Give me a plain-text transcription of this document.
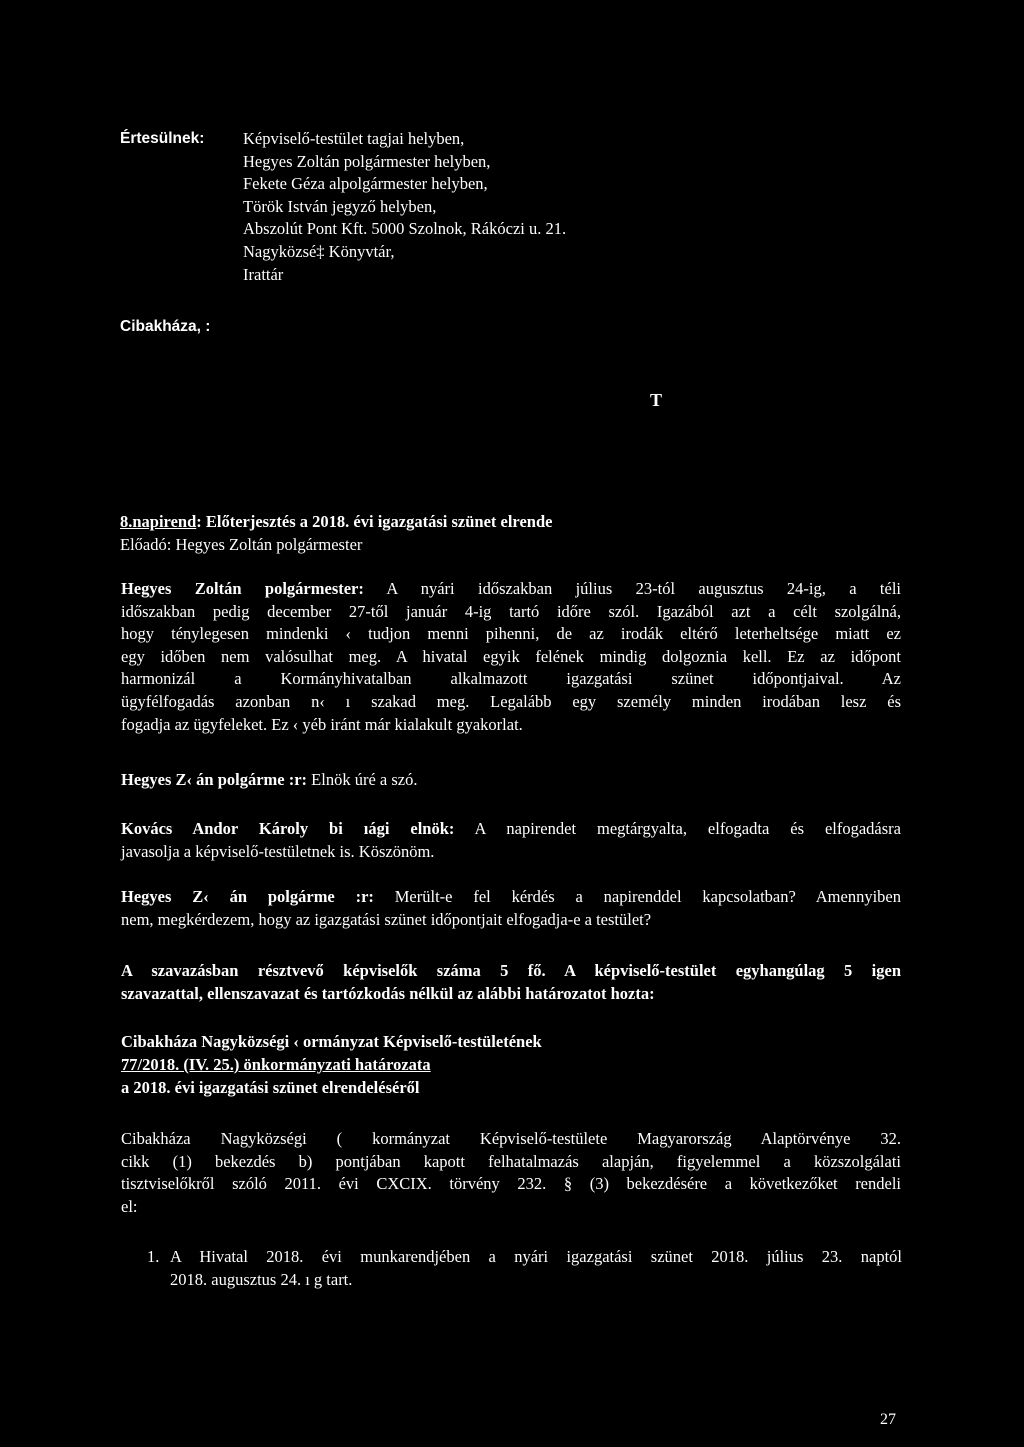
Értesülnek: Képviselő-testület tagjai helyben,
Hegyes Zoltán polgármester helyben,
Fekete Géza alpolgármester helyben,
Török István jegyző helyben,
Abszolút Pont Kft. 5000 Szolnok, Rákóczi u. 21.
Nagyközsé‡ Könyvtár,
Irattár
Cibakháza, :
T
8.napirend: Előterjesztés a 2018. évi igazgatási szünet elrende
Előadó: Hegyes Zoltán polgármester
Hegyes Zoltán polgármester: A nyári időszakban július 23-tól augusztus 24-ig, a téli
időszakban pedig december 27-től január 4-ig tartó időre szól. Igazából azt a célt szolgálná,
hogy ténylegesen mindenki ‹ tudjon menni pihenni, de az irodák eltérő leterheltsége miatt ez
egy időben nem valósulhat meg. A hivatal egyik felének mindig dolgoznia kell. Ez az időpont
harmonizál a Kormányhivatalban alkalmazott igazgatási szünet időpontjaival. Az
ügyfélfogadás azonban n‹ ı szakad meg. Legalább egy személy minden irodában lesz és
fogadja az ügyfeleket. Ez ‹ yéb iránt már kialakult gyakorlat.
Hegyes Z‹ án polgárme :r: Elnök úré a szó.
Kovács Andor Károly bi ıági elnök: A napirendet megtárgyalta, elfogadta és elfogadásra
javasolja a képviselő-testületnek is. Köszönöm.
Hegyes Z‹ án polgárme :r: Merült-e fel kérdés a napirenddel kapcsolatban? Amennyiben
nem, megkérdezem, hogy az igazgatási szünet időpontjait elfogadja-e a testület?
A szavazásban résztvevő képviselők száma 5 fő. A képviselő-testület egyhangúlag 5 igen
szavazattal, ellenszavazat és tartózkodás nélkül az alábbi határozatot hozta:
Cibakháza Nagyközségi ‹ ormányzat Képviselő-testületének
77/2018. (IV. 25.) önkormányzati határozata
a 2018. évi igazgatási szünet elrendeléséről
Cibakháza Nagyközségi ( kormányzat Képviselő-testülete Magyarország Alaptörvénye 32.
cikk (1) bekezdés b) pontjában kapott felhatalmazás alapján, figyelemmel a közszolgálati
tisztviselőkről szóló 2011. évi CXCIX. törvény 232. § (3) bekezdésére a következőket rendeli
el:
1. A Hivatal 2018. évi munkarendjében a nyári igazgatási szünet 2018. július 23. naptól
2018. augusztus 24. ı g tart.
27
